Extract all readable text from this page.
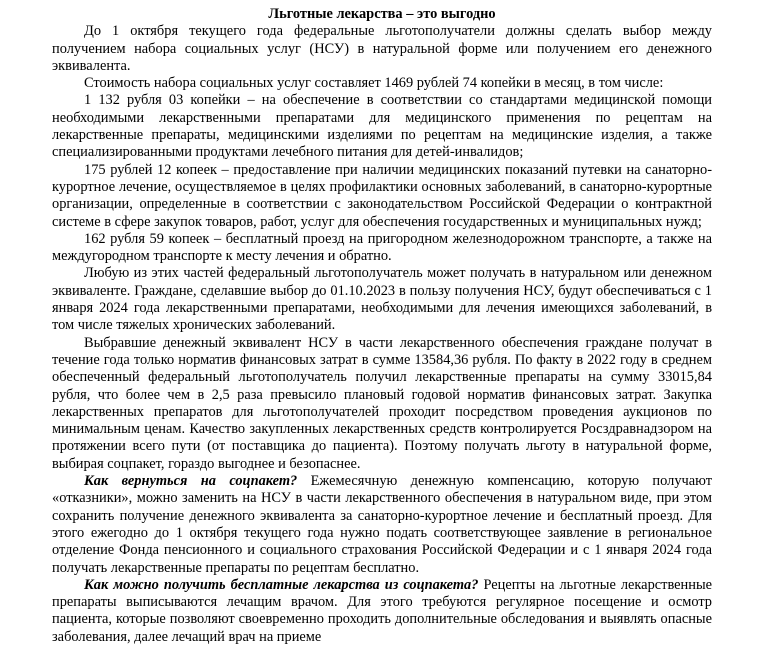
Льготные лекарства – это выгодно

До 1 октября текущего года федеральные льготополучатели должны сделать выбор между получением набора социальных услуг (НСУ) в натуральной форме или получением его денежного эквивалента.

Стоимость набора социальных услуг составляет 1469 рублей 74 копейки в месяц, в том числе:

1 132 рубля 03 копейки – на обеспечение в соответствии со стандартами медицинской помощи необходимыми лекарственными препаратами для медицинского применения по рецептам на лекарственные препараты, медицинскими изделиями по рецептам на медицинские изделия, а также специализированными продуктами лечебного питания для детей-инвалидов;

175 рублей 12 копеек – предоставление при наличии медицинских показаний путевки на санаторно-курортное лечение, осуществляемое в целях профилактики основных заболеваний, в санаторно-курортные организации, определенные в соответствии с законодательством Российской Федерации о контрактной системе в сфере закупок товаров, работ, услуг для обеспечения государственных и муниципальных нужд;

162 рубля 59 копеек – бесплатный проезд на пригородном железнодорожном транспорте, а также на междугородном транспорте к месту лечения и обратно.

Любую из этих частей федеральный льготополучатель может получать в натуральном или денежном эквиваленте. Граждане, сделавшие выбор до 01.10.2023 в пользу получения НСУ, будут обеспечиваться с 1 января 2024 года лекарственными препаратами, необходимыми для лечения имеющихся заболеваний, в том числе тяжелых хронических заболеваний.

Выбравшие денежный эквивалент НСУ в части лекарственного обеспечения граждане получат в течение года только норматив финансовых затрат в сумме 13584,36 рубля. По факту в 2022 году в среднем обеспеченный федеральный льготополучатель получил лекарственные препараты на сумму 33015,84 рубля, что более чем в 2,5 раза превысило плановый годовой норматив финансовых затрат. Закупка лекарственных препаратов для льготополучателей проходит посредством проведения аукционов по минимальным ценам. Качество закупленных лекарственных средств контролируется Росздравнадзором на протяжении всего пути (от поставщика до пациента). Поэтому получать льготу в натуральной форме, выбирая соцпакет, гораздо выгоднее и безопаснее.

Как вернуться на соцпакет? Ежемесячную денежную компенсацию, которую получают «отказники», можно заменить на НСУ в части лекарственного обеспечения в натуральном виде, при этом сохранить получение денежного эквивалента за санаторно-курортное лечение и бесплатный проезд. Для этого ежегодно до 1 октября текущего года нужно подать соответствующее заявление в региональное отделение Фонда пенсионного и социального страхования Российской Федерации и с 1 января 2024 года получать лекарственные препараты по рецептам бесплатно.

Как можно получить бесплатные лекарства из соцпакета? Рецепты на льготные лекарственные препараты выписываются лечащим врачом. Для этого требуются регулярное посещение и осмотр пациента, которые позволяют своевременно проходить дополнительные обследования и выявлять опасные заболевания, далее лечащий врач на приеме
